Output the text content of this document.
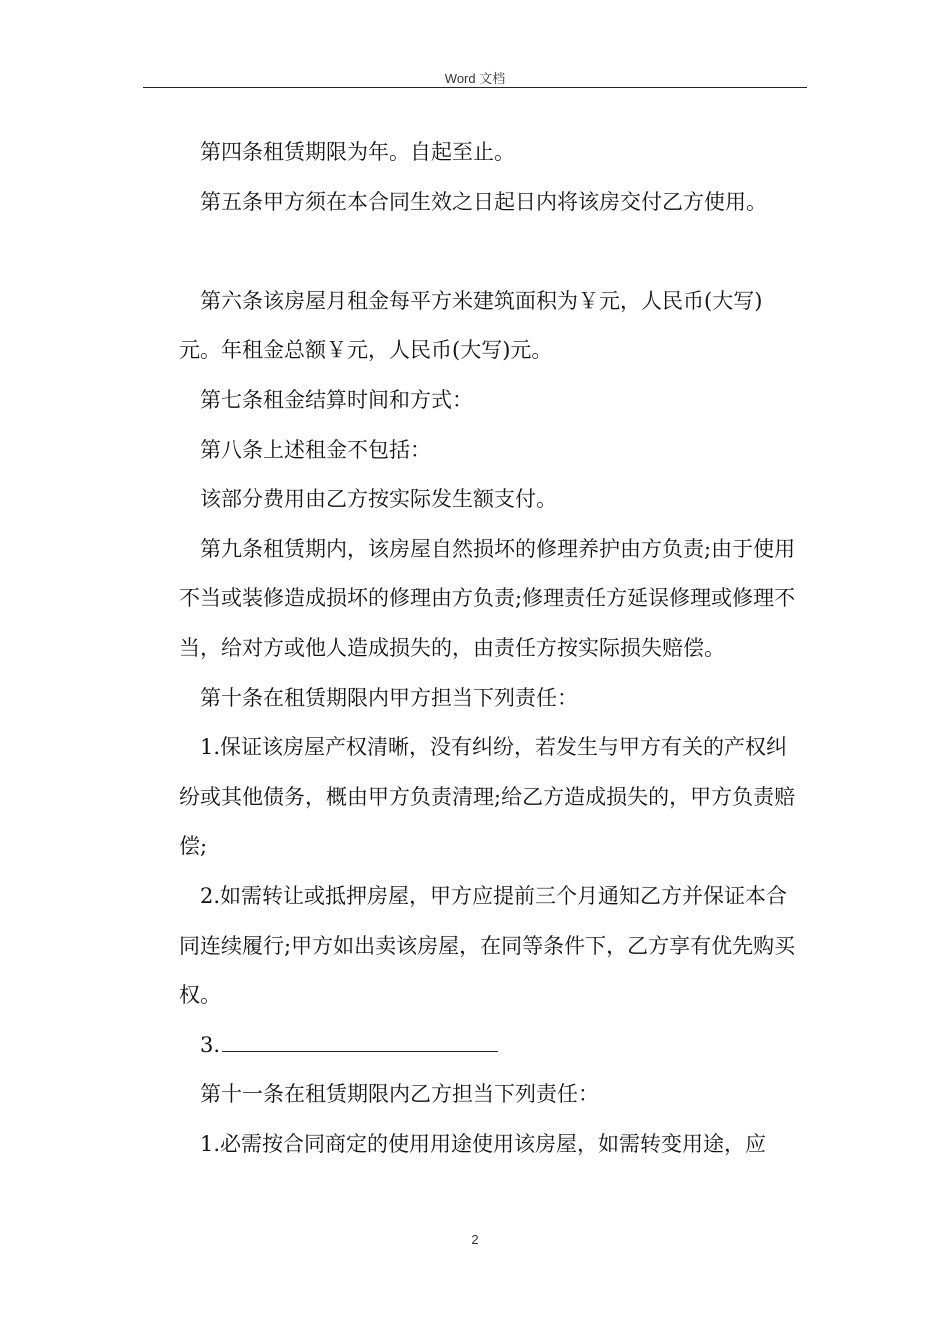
Word 文档

第四条租赁期限为年。自起至止。

第五条甲方须在本合同生效之日起日内将该房交付乙方使用。

第六条该房屋月租金每平方米建筑面积为￥元，人民币(大写)元。年租金总额￥元，人民币(大写)元。

第七条租金结算时间和方式：

第八条上述租金不包括：

该部分费用由乙方按实际发生额支付。

第九条租赁期内，该房屋自然损坏的修理养护由方负责;由于使用不当或装修造成损坏的修理由方负责;修理责任方延误修理或修理不当，给对方或他人造成损失的，由责任方按实际损失赔偿。

第十条在租赁期限内甲方担当下列责任：

1.保证该房屋产权清晰，没有纠纷，若发生与甲方有关的产权纠纷或其他债务，概由甲方负责清理;给乙方造成损失的，甲方负责赔偿;

2.如需转让或抵押房屋，甲方应提前三个月通知乙方并保证本合同连续履行;甲方如出卖该房屋，在同等条件下，乙方享有优先购买权。

3.

第十一条在租赁期限内乙方担当下列责任：

1.必需按合同商定的使用用途使用该房屋，如需转变用途，应

2
